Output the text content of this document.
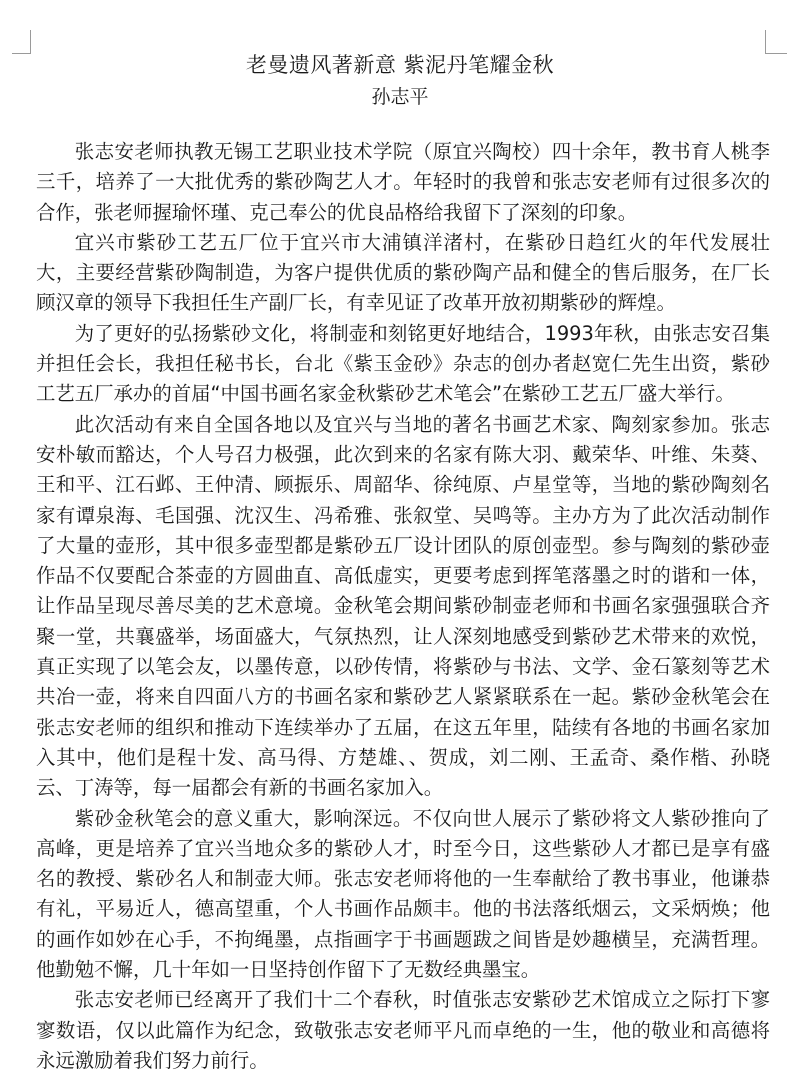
老曼遗风著新意 紫泥丹笔耀金秋
孙志平

张志安老师执教无锡工艺职业技术学院（原宜兴陶校）四十余年，教书育人桃李三千，培养了一大批优秀的紫砂陶艺人才。年轻时的我曾和张志安老师有过很多次的合作，张老师握瑜怀瑾、克己奉公的优良品格给我留下了深刻的印象。

宜兴市紫砂工艺五厂位于宜兴市大浦镇洋渚村，在紫砂日趋红火的年代发展壮大，主要经营紫砂陶制造，为客户提供优质的紫砂陶产品和健全的售后服务，在厂长顾汉章的领导下我担任生产副厂长，有幸见证了改革开放初期紫砂的辉煌。

为了更好的弘扬紫砂文化，将制壶和刻铭更好地结合，1993年秋，由张志安召集并担任会长，我担任秘书长，台北《紫玉金砂》杂志的创办者赵宽仁先生出资，紫砂工艺五厂承办的首届“中国书画名家金秋紫砂艺术笔会”在紫砂工艺五厂盛大举行。

此次活动有来自全国各地以及宜兴与当地的著名书画艺术家、陶刻家参加。张志安朴敏而豁达，个人号召力极强，此次到来的名家有陈大羽、戴荣华、叶维、朱葵、王和平、江石邺、王仲清、顾振乐、周韶华、徐纯原、卢星堂等，当地的紫砂陶刻名家有谭泉海、毛国强、沈汉生、冯希雅、张叙堂、吴鸣等。主办方为了此次活动制作了大量的壶形，其中很多壶型都是紫砂五厂设计团队的原创壶型。参与陶刻的紫砂壶作品不仅要配合茶壶的方圆曲直、高低虚实，更要考虑到挥笔落墨之时的谐和一体，让作品呈现尽善尽美的艺术意境。金秋笔会期间紫砂制壶老师和书画名家强强联合齐聚一堂，共襄盛举，场面盛大，气氛热烈，让人深刻地感受到紫砂艺术带来的欢悦，真正实现了以笔会友，以墨传意，以砂传情，将紫砂与书法、文学、金石篆刻等艺术共冶一壶，将来自四面八方的书画名家和紫砂艺人紧紧联系在一起。紫砂金秋笔会在张志安老师的组织和推动下连续举办了五届，在这五年里，陆续有各地的书画名家加入其中，他们是程十发、高马得、方楚雄、、贺成，刘二刚、王孟奇、桑作楷、孙晓云、丁涛等，每一届都会有新的书画名家加入。

紫砂金秋笔会的意义重大，影响深远。不仅向世人展示了紫砂将文人紫砂推向了高峰，更是培养了宜兴当地众多的紫砂人才，时至今日，这些紫砂人才都已是享有盛名的教授、紫砂名人和制壶大师。张志安老师将他的一生奉献给了教书事业，他谦恭有礼，平易近人，德高望重，个人书画作品颇丰。他的书法落纸烟云，文采炳焕；他的画作如妙在心手，不拘绳墨，点指画字于书画题跋之间皆是妙趣横呈，充满哲理。他勤勉不懈，几十年如一日坚持创作留下了无数经典墨宝。

张志安老师已经离开了我们十二个春秋，时值张志安紫砂艺术馆成立之际打下寥寥数语，仅以此篇作为纪念，致敬张志安老师平凡而卓绝的一生，他的敬业和高德将永远激励着我们努力前行。
